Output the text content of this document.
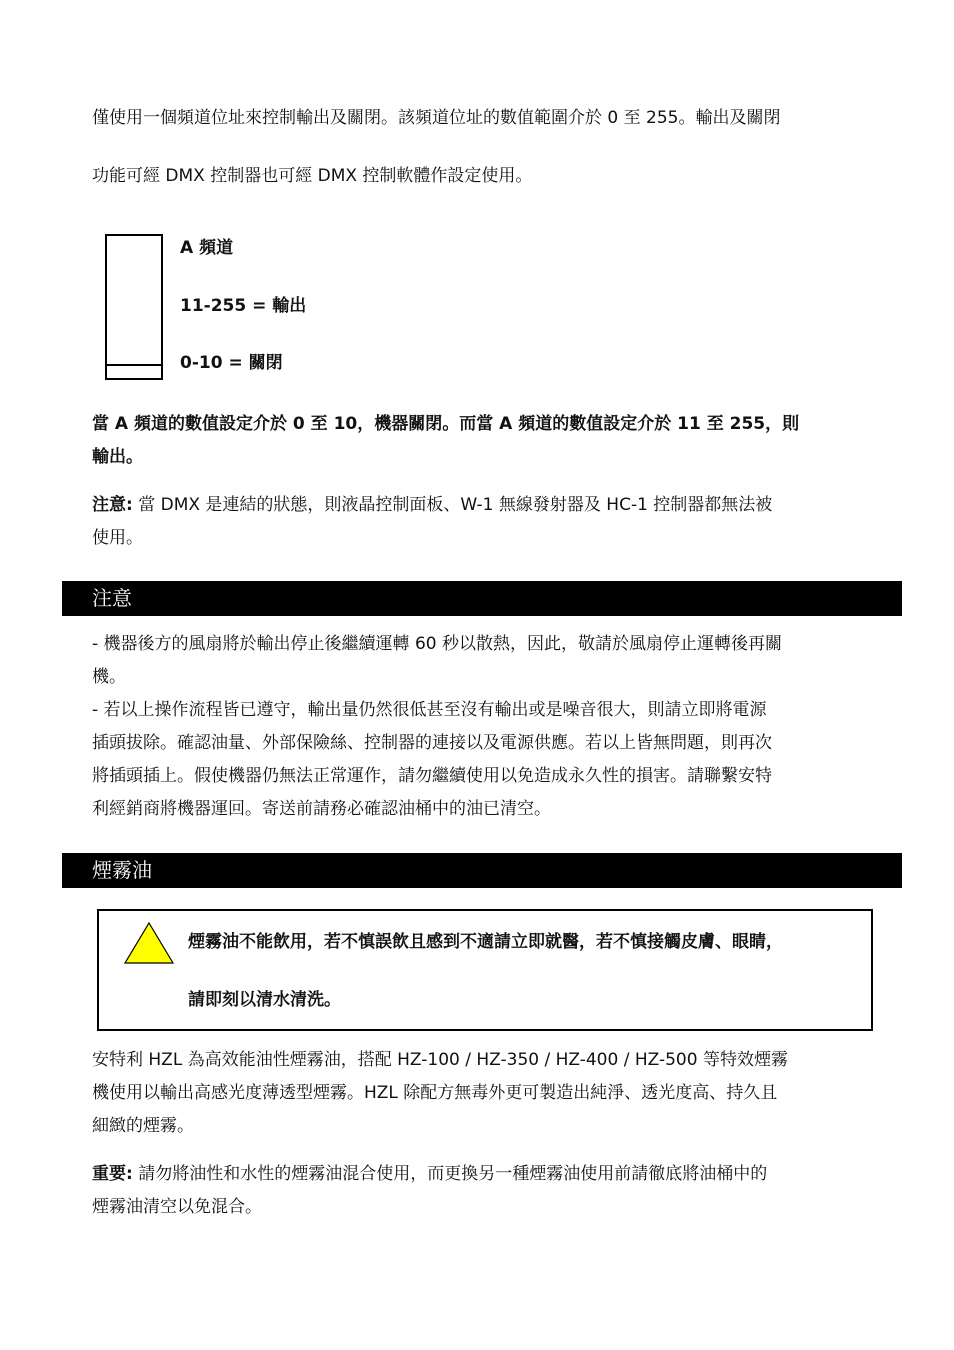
僅使用一個頻道位址來控制輸出及關閉。該頻道位址的數值範圍介於 0 至 255。輸出及關閉
功能可經 DMX 控制器也可經 DMX 控制軟體作設定使用。
A 頻道
11-255 = 輸出
0-10 = 關閉
當 A 頻道的數值設定介於 0 至 10，機器關閉。而當 A 頻道的數值設定介於 11 至 255，則
輸出。
注意: 當 DMX 是連結的狀態，則液晶控制面板、W-1 無線發射器及 HC-1 控制器都無法被
使用。
注意
- 機器後方的風扇將於輸出停止後繼續運轉 60 秒以散熱，因此，敬請於風扇停止運轉後再關
機。
- 若以上操作流程皆已遵守，輸出量仍然很低甚至沒有輸出或是噪音很大，則請立即將電源
插頭拔除。確認油量、外部保險絲、控制器的連接以及電源供應。若以上皆無問題，則再次
將插頭插上。假使機器仍無法正常運作，請勿繼續使用以免造成永久性的損害。請聯繫安特
利經銷商將機器運回。寄送前請務必確認油桶中的油已清空。
煙霧油
煙霧油不能飲用，若不慎誤飲且感到不適請立即就醫，若不慎接觸皮膚、眼睛，
請即刻以清水清洗。
安特利 HZL 為高效能油性煙霧油，搭配 HZ-100 / HZ-350 / HZ-400 / HZ-500 等特效煙霧
機使用以輸出高感光度薄透型煙霧。HZL 除配方無毒外更可製造出純淨、透光度高、持久且
細緻的煙霧。
重要: 請勿將油性和水性的煙霧油混合使用，而更換另一種煙霧油使用前請徹底將油桶中的
煙霧油清空以免混合。
